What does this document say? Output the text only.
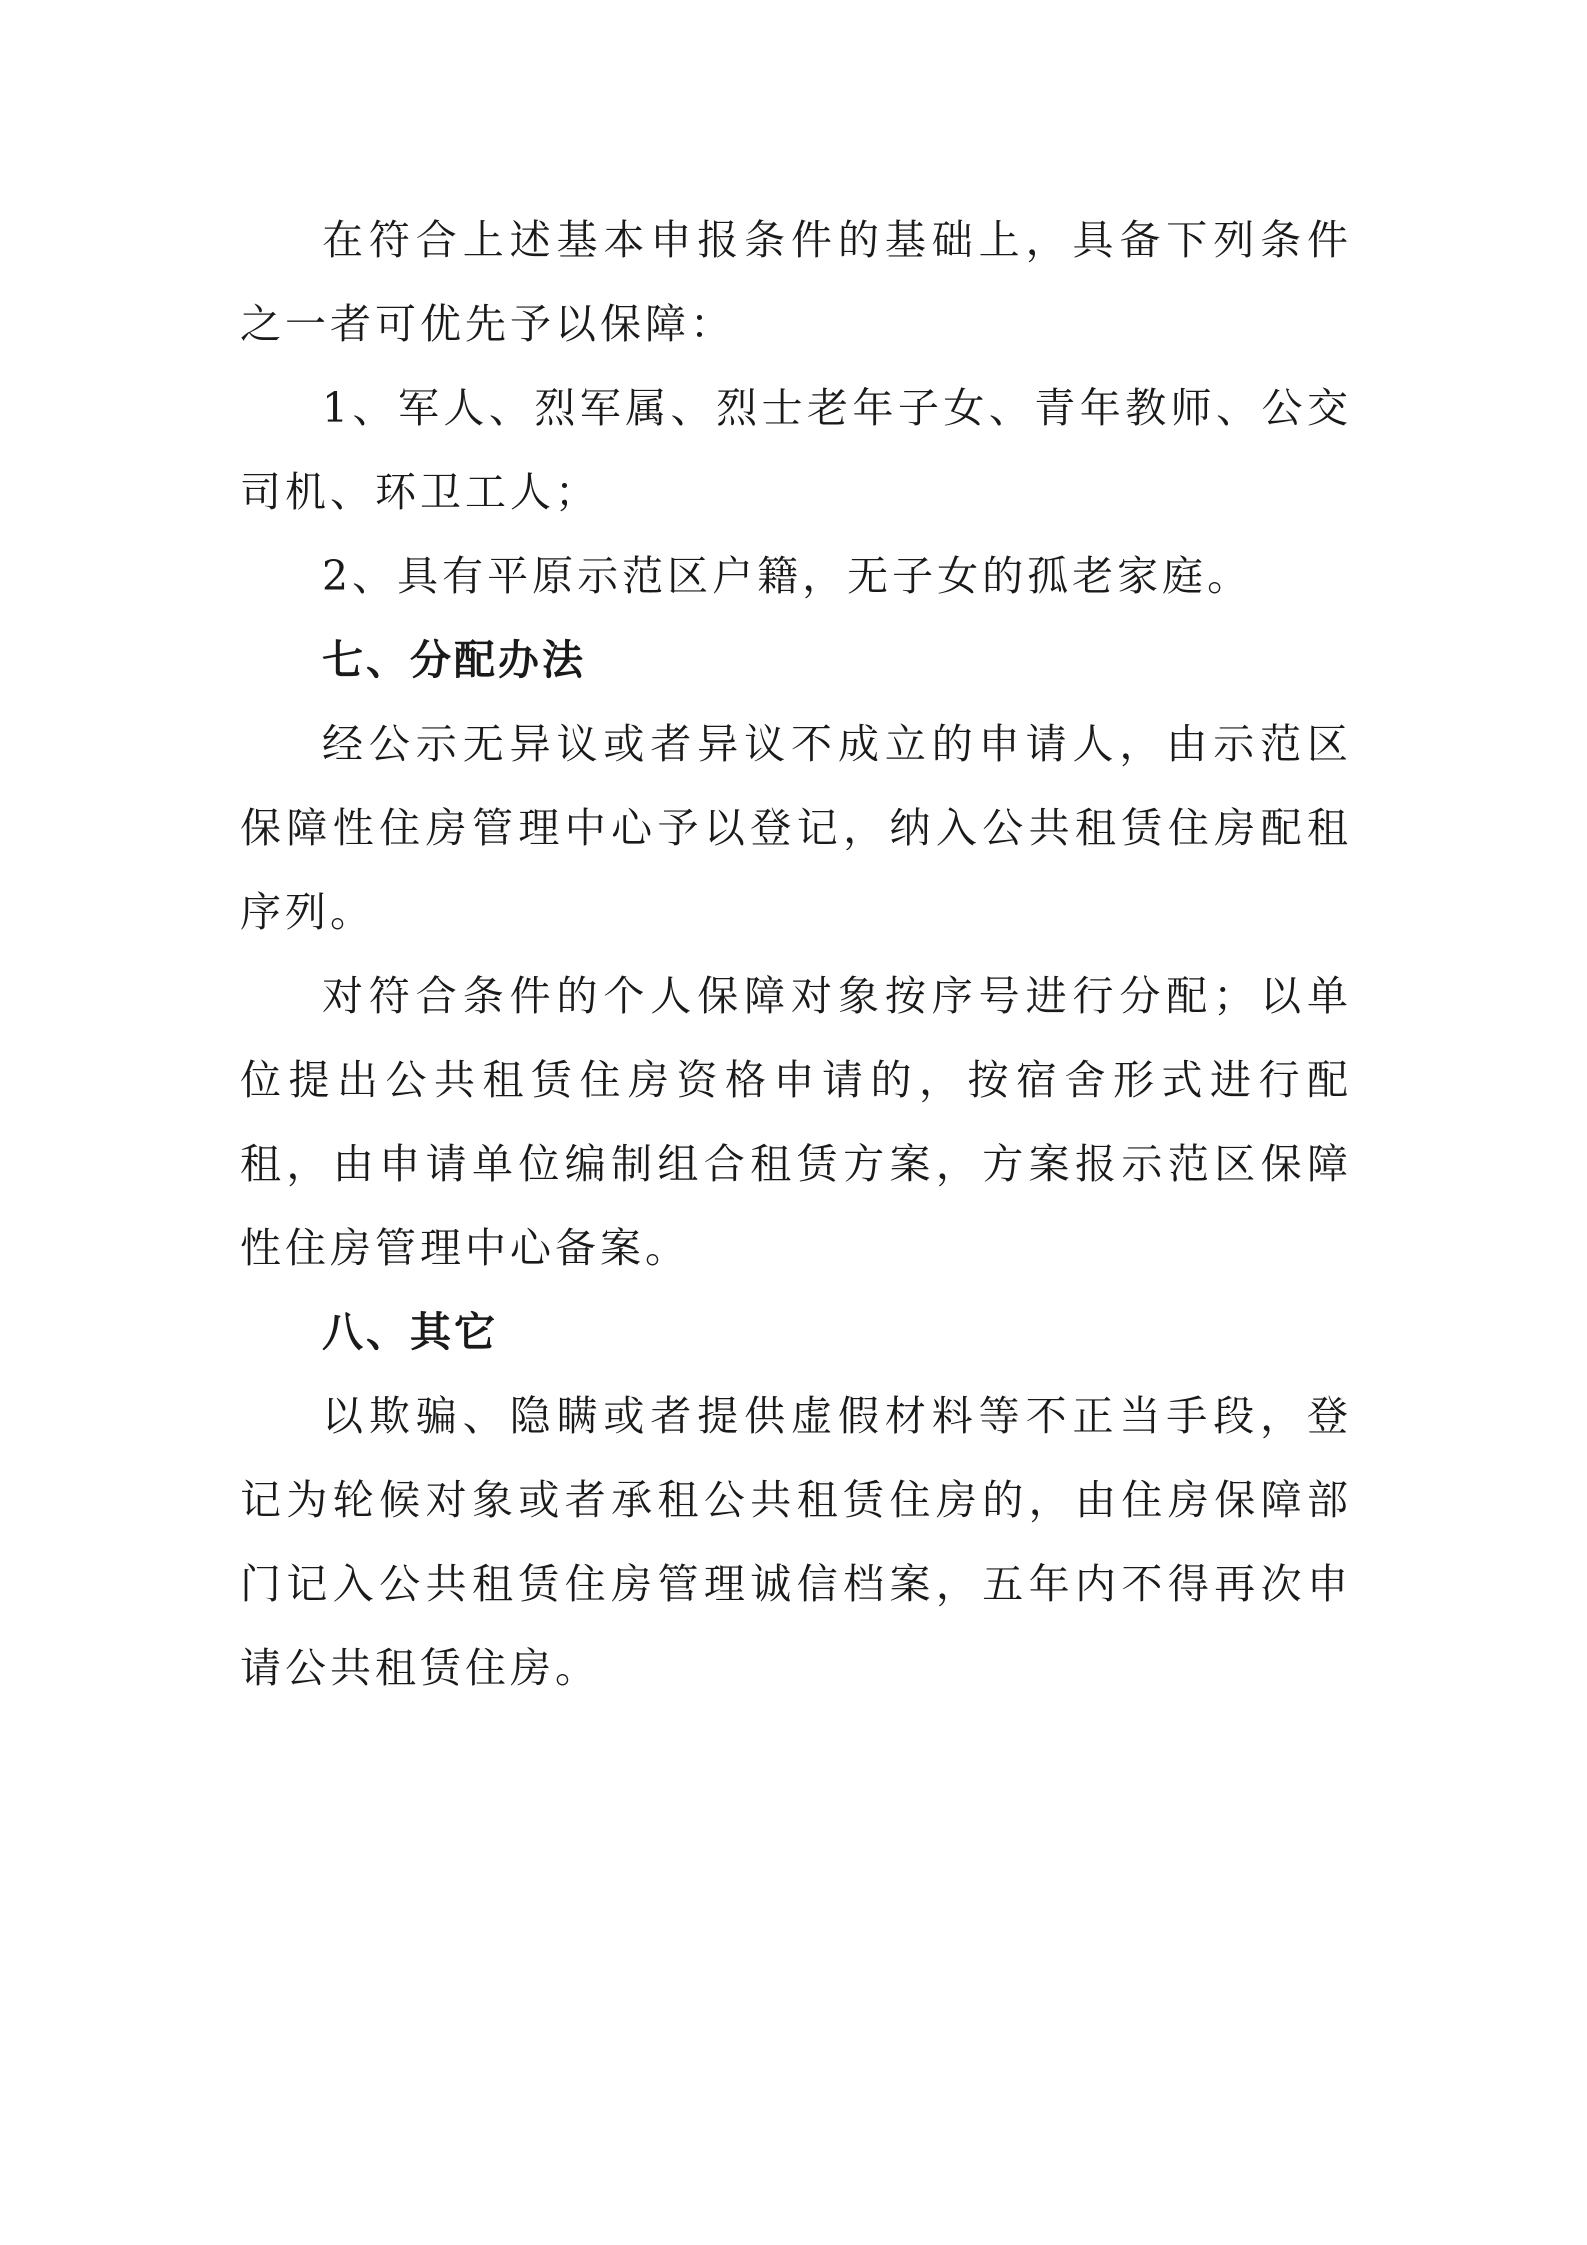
在符合上述基本申报条件的基础上，具备下列条件之一者可优先予以保障：

1、军人、烈军属、烈士老年子女、青年教师、公交司机、环卫工人；

2、具有平原示范区户籍，无子女的孤老家庭。

七、分配办法

经公示无异议或者异议不成立的申请人，由示范区保障性住房管理中心予以登记，纳入公共租赁住房配租序列。

对符合条件的个人保障对象按序号进行分配；以单位提出公共租赁住房资格申请的，按宿舍形式进行配租，由申请单位编制组合租赁方案，方案报示范区保障性住房管理中心备案。

八、其它

以欺骗、隐瞒或者提供虚假材料等不正当手段，登记为轮候对象或者承租公共租赁住房的，由住房保障部门记入公共租赁住房管理诚信档案，五年内不得再次申请公共租赁住房。
